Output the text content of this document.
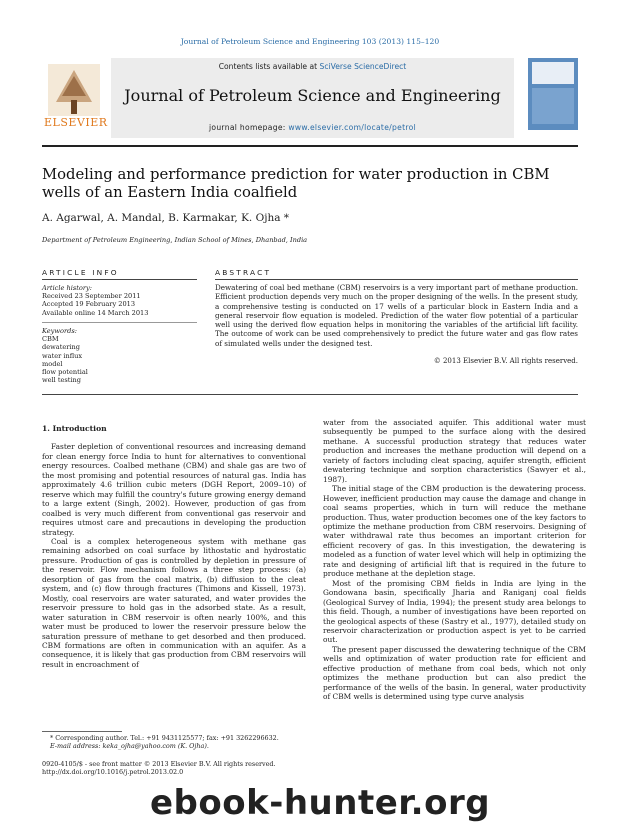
Journal of Petroleum Science and Engineering 103 (2013) 115–120
Contents lists available at SciVerse ScienceDirect
Journal of Petroleum Science and Engineering
journal homepage: www.elsevier.com/locate/petrol
ELSEVIER
Modeling and performance prediction for water production in CBM wells of an Eastern India coalfield
A. Agarwal, A. Mandal, B. Karmakar, K. Ojha *
Department of Petroleum Engineering, Indian School of Mines, Dhanbad, India
ARTICLE INFO
Article history:
Received 23 September 2011
Accepted 19 February 2013
Available online 14 March 2013
Keywords:
CBM
dewatering
water influx
model
flow potential
well testing
ABSTRACT
Dewatering of coal bed methane (CBM) reservoirs is a very important part of methane production. Efficient production depends very much on the proper designing of the wells. In the present study, a comprehensive testing is conducted on 17 wells of a particular block in Eastern India and a general reservoir flow equation is modeled. Prediction of the water flow potential of a particular well using the derived flow equation helps in monitoring the variables of the artificial lift facility. The outcome of work can be used comprehensively to predict the future water and gas flow rates of simulated wells under the designed test.
© 2013 Elsevier B.V. All rights reserved.
1. Introduction

Faster depletion of conventional resources and increasing demand for clean energy force India to hunt for alternatives to conventional energy resources. Coalbed methane (CBM) and shale gas are two of the most promising and potential resources of natural gas. India has approximately 4.6 trillion cubic meters (DGH Report, 2009–10) of reserve which may fulfill the country's future growing energy demand to a large extent (Singh, 2002). However, production of gas from coalbed is very much different from conventional gas reservoir and requires utmost care and precautions in developing the production strategy.

Coal is a complex heterogeneous system with methane gas remaining adsorbed on coal surface by lithostatic and hydrostatic pressure. Production of gas is controlled by depletion in pressure of the reservoir. Flow mechanism follows a three step process: (a) desorption of gas from the coal matrix, (b) diffusion to the cleat system, and (c) flow through fractures (Thimons and Kissell, 1973). Mostly, coal reservoirs are water saturated, and water provides the reservoir pressure to hold gas in the adsorbed state. As a result, water saturation in CBM reservoir is often nearly 100%, and this water must be produced to lower the reservoir pressure below the saturation pressure of methane to get desorbed and then produced. CBM formations are often in communication with an aquifer. As a consequence, it is likely that gas production from CBM reservoirs will result in encroachment of

water from the associated aquifer. This additional water must subsequently be pumped to the surface along with the desired methane. A successful production strategy that reduces water production and increases the methane production will depend on a variety of factors including cleat spacing, aquifer strength, efficient dewatering technique and sorption characteristics (Sawyer et al., 1987).

The initial stage of the CBM production is the dewatering process. However, inefficient production may cause the damage and change in coal seams properties, which in turn will reduce the methane production. Thus, water production becomes one of the key factors to optimize the methane production from CBM reservoirs. Designing of water withdrawal rate thus becomes an important criterion for efficient recovery of gas. In this investigation, the dewatering is modeled as a function of water level which will help in optimizing the rate and designing of artificial lift that is required in the future to produce methane at the depletion stage.

Most of the promising CBM fields in India are lying in the Gondowana basin, specifically Jharia and Raniganj coal fields (Geological Survey of India, 1994); the present study area belongs to this field. Though, a number of investigations have been reported on the geological aspects of these (Sastry et al., 1977), detailed study on reservoir characterization or production aspect is yet to be carried out.

The present paper discussed the dewatering technique of the CBM wells and optimization of water production rate for efficient and effective production of methane from coal beds, which not only optimizes the methane production but can also predict the performance of the wells of the basin. In general, water productivity of CBM wells is determined using type curve analysis

* Corresponding author. Tel.: +91 9431125577; fax: +91 3262296632.
E-mail address: keka_ojha@yahoo.com (K. Ojha).
0920-4105/$ - see front matter © 2013 Elsevier B.V. All rights reserved.
http://dx.doi.org/10.1016/j.petrol.2013.02.0
ebook-hunter.org
